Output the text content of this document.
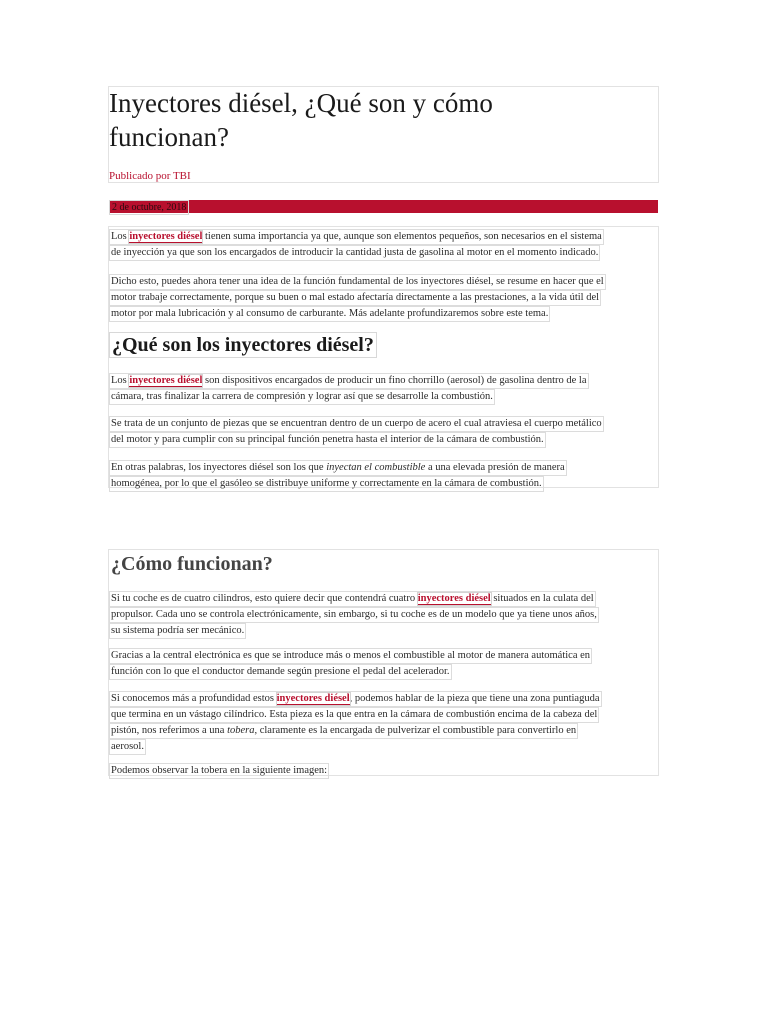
Inyectores diésel, ¿Qué son y cómo
funcionan?
Publicado por TBI
2 de octubre, 2018

Los inyectores diésel tienen suma importancia ya que, aunque son elementos pequeños, son necesarios en el sistema
de inyección ya que son los encargados de introducir la cantidad justa de gasolina al motor en el momento indicado.

Dicho esto, puedes ahora tener una idea de la función fundamental de los inyectores diésel, se resume en hacer que el
motor trabaje correctamente, porque su buen o mal estado afectaría directamente a las prestaciones, a la vida útil del
motor por mala lubricación y al consumo de carburante. Más adelante profundizaremos sobre este tema.

¿Qué son los inyectores diésel?

Los inyectores diésel son dispositivos encargados de producir un fino chorrillo (aerosol) de gasolina dentro de la
cámara, tras finalizar la carrera de compresión y lograr así que se desarrolle la combustión.

Se trata de un conjunto de piezas que se encuentran dentro de un cuerpo de acero el cual atraviesa el cuerpo metálico
del motor y para cumplir con su principal función penetra hasta el interior de la cámara de combustión.

En otras palabras, los inyectores diésel son los que inyectan el combustible a una elevada presión de manera
homogénea, por lo que el gasóleo se distribuye uniforme y correctamente en la cámara de combustión.

¿Cómo funcionan?

Si tu coche es de cuatro cilindros, esto quiere decir que contendrá cuatro inyectores diésel situados en la culata del
propulsor. Cada uno se controla electrónicamente, sin embargo, si tu coche es de un modelo que ya tiene unos años,
su sistema podría ser mecánico.

Gracias a la central electrónica es que se introduce más o menos el combustible al motor de manera automática en
función con lo que el conductor demande según presione el pedal del acelerador.

Si conocemos más a profundidad estos inyectores diésel, podemos hablar de la pieza que tiene una zona puntiaguda
que termina en un vástago cilíndrico. Esta pieza es la que entra en la cámara de combustión encima de la cabeza del
pistón, nos referimos a una tobera, claramente es la encargada de pulverizar el combustible para convertirlo en
aerosol.

Podemos observar la tobera en la siguiente imagen:
